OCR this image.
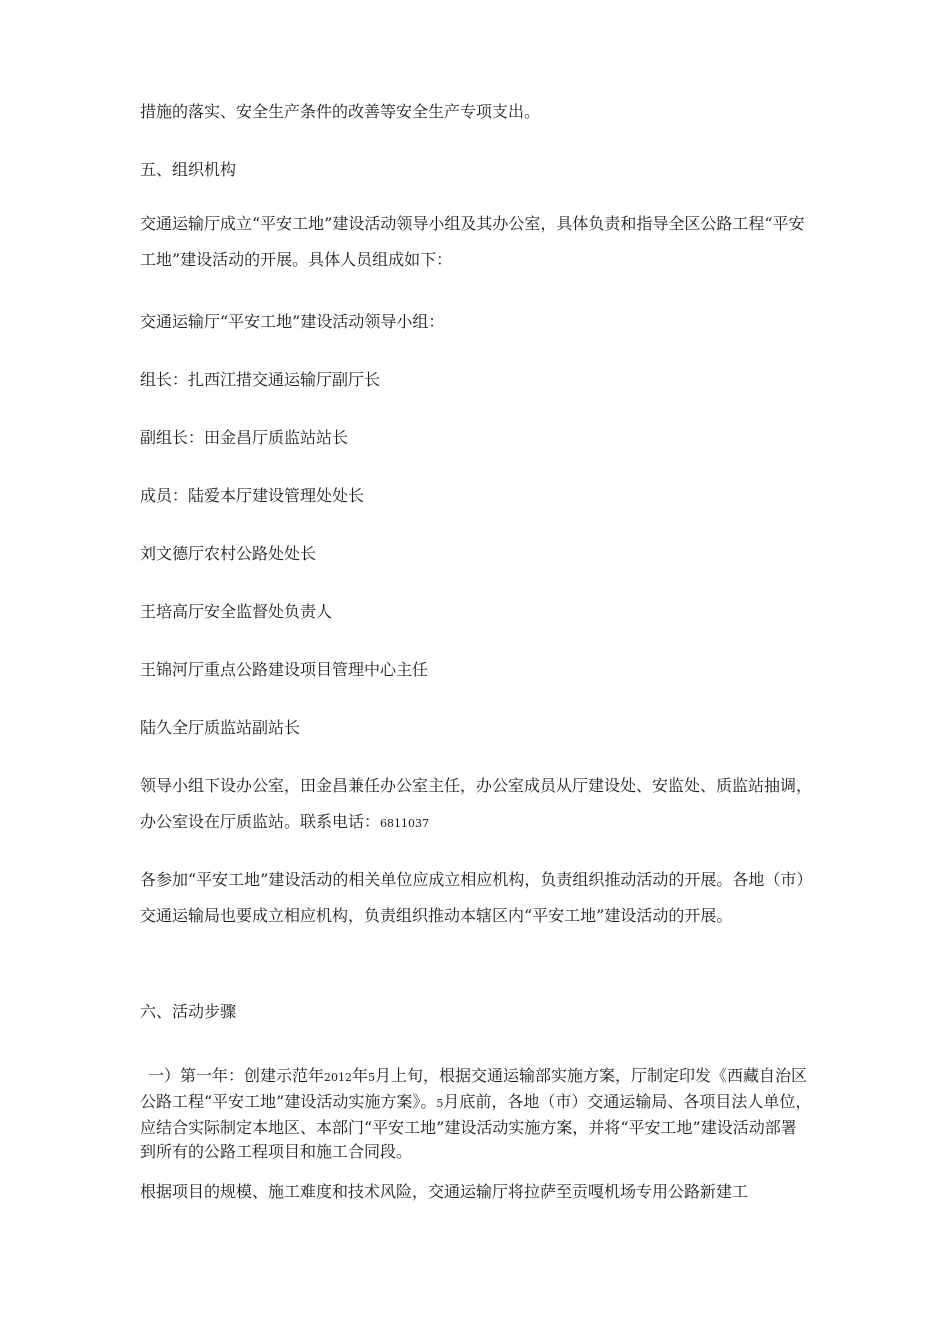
措施的落实、安全生产条件的改善等安全生产专项支出。

五、组织机构

交通运输厅成立“平安工地”建设活动领导小组及其办公室，具体负责和指导全区公路工程“平安工地”建设活动的开展。具体人员组成如下：

交通运输厅“平安工地”建设活动领导小组：

组长：扎西江措交通运输厅副厅长

副组长：田金昌厅质监站站长

成员：陆爱本厅建设管理处处长

刘文德厅农村公路处处长

王培高厅安全监督处负责人

王锦河厅重点公路建设项目管理中心主任

陆久全厅质监站副站长

领导小组下设办公室，田金昌兼任办公室主任，办公室成员从厅建设处、安监处、质监站抽调，办公室设在厅质监站。联系电话：6811037

各参加“平安工地”建设活动的相关单位应成立相应机构，负责组织推动活动的开展。各地（市）交通运输局也要成立相应机构，负责组织推动本辖区内“平安工地”建设活动的开展。

六、活动步骤

一）第一年：创建示范年2012年5月上旬，根据交通运输部实施方案，厅制定印发《西藏自治区公路工程“平安工地”建设活动实施方案》。5月底前，各地（市）交通运输局、各项目法人单位，应结合实际制定本地区、本部门“平安工地”建设活动实施方案，并将“平安工地”建设活动部署到所有的公路工程项目和施工合同段。

根据项目的规模、施工难度和技术风险，交通运输厅将拉萨至贡嘎机场专用公路新建工
